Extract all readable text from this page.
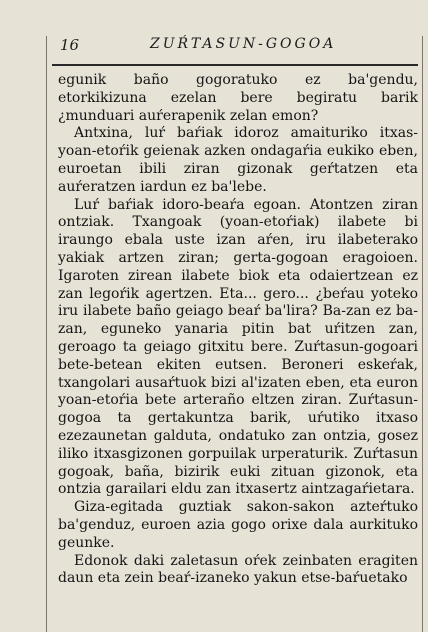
16	ZUŔTASUN-GOGOA

egunik baño gogoratuko ez ba'gendu, etorkikizuna ezelan bere begiratu barik ¿munduari auŕerapenik zelan emon?

Antxina, luŕ baŕiak idoroz amaituriko itxas-yoan-etoŕik geienak azken ondagaŕia eukiko eben, euroetan ibili ziran gizonak geŕtatzen eta auŕeratzen iardun ez ba'lebe.

Luŕ baŕiak idoro-beaŕa egoan. Atontzen ziran ontziak. Txangoak (yoan-etoŕiak) ilabete bi iraungo ebala uste izan aŕen, iru ilabeterako yakiak artzen ziran; gerta-gogoan eragoioen. Igaroten zirean ilabete biok eta odaiertzean ez zan legoŕik agertzen. Eta... gero... ¿beŕau yoteko iru ilabete baño geiago beaŕ ba'lira? Ba-zan ez ba-zan, eguneko yanaria pitin bat uŕitzen zan, geroago ta geiago gitxitu bere. Zuŕtasun-gogoari bete-betean ekiten eutsen. Beroneri eskeŕak, txangolari ausaŕtuok bizi al'izaten eben, eta euron yoan-etoŕia bete arteraño eltzen ziran. Zuŕtasun-gogoa ta gertakuntza barik, uŕutiko itxaso ezezaunetan galduta, ondatuko zan ontzia, gosez iliko itxasgizonen gorpuilak urperaturik. Zuŕtasun gogoak, baña, bizirik euki zituan gizonok, eta ontzia garailari eldu zan itxasertz aintzagaŕietara.

Giza-egitada guztiak sakon-sakon azteŕtuko ba'genduz, euroen azia gogo orixe dala aurkituko geunke.

Edonok daki zaletasun oŕek zeinbaten eragiten daun eta zein beaŕ-izaneko yakun etse-baŕuetako
